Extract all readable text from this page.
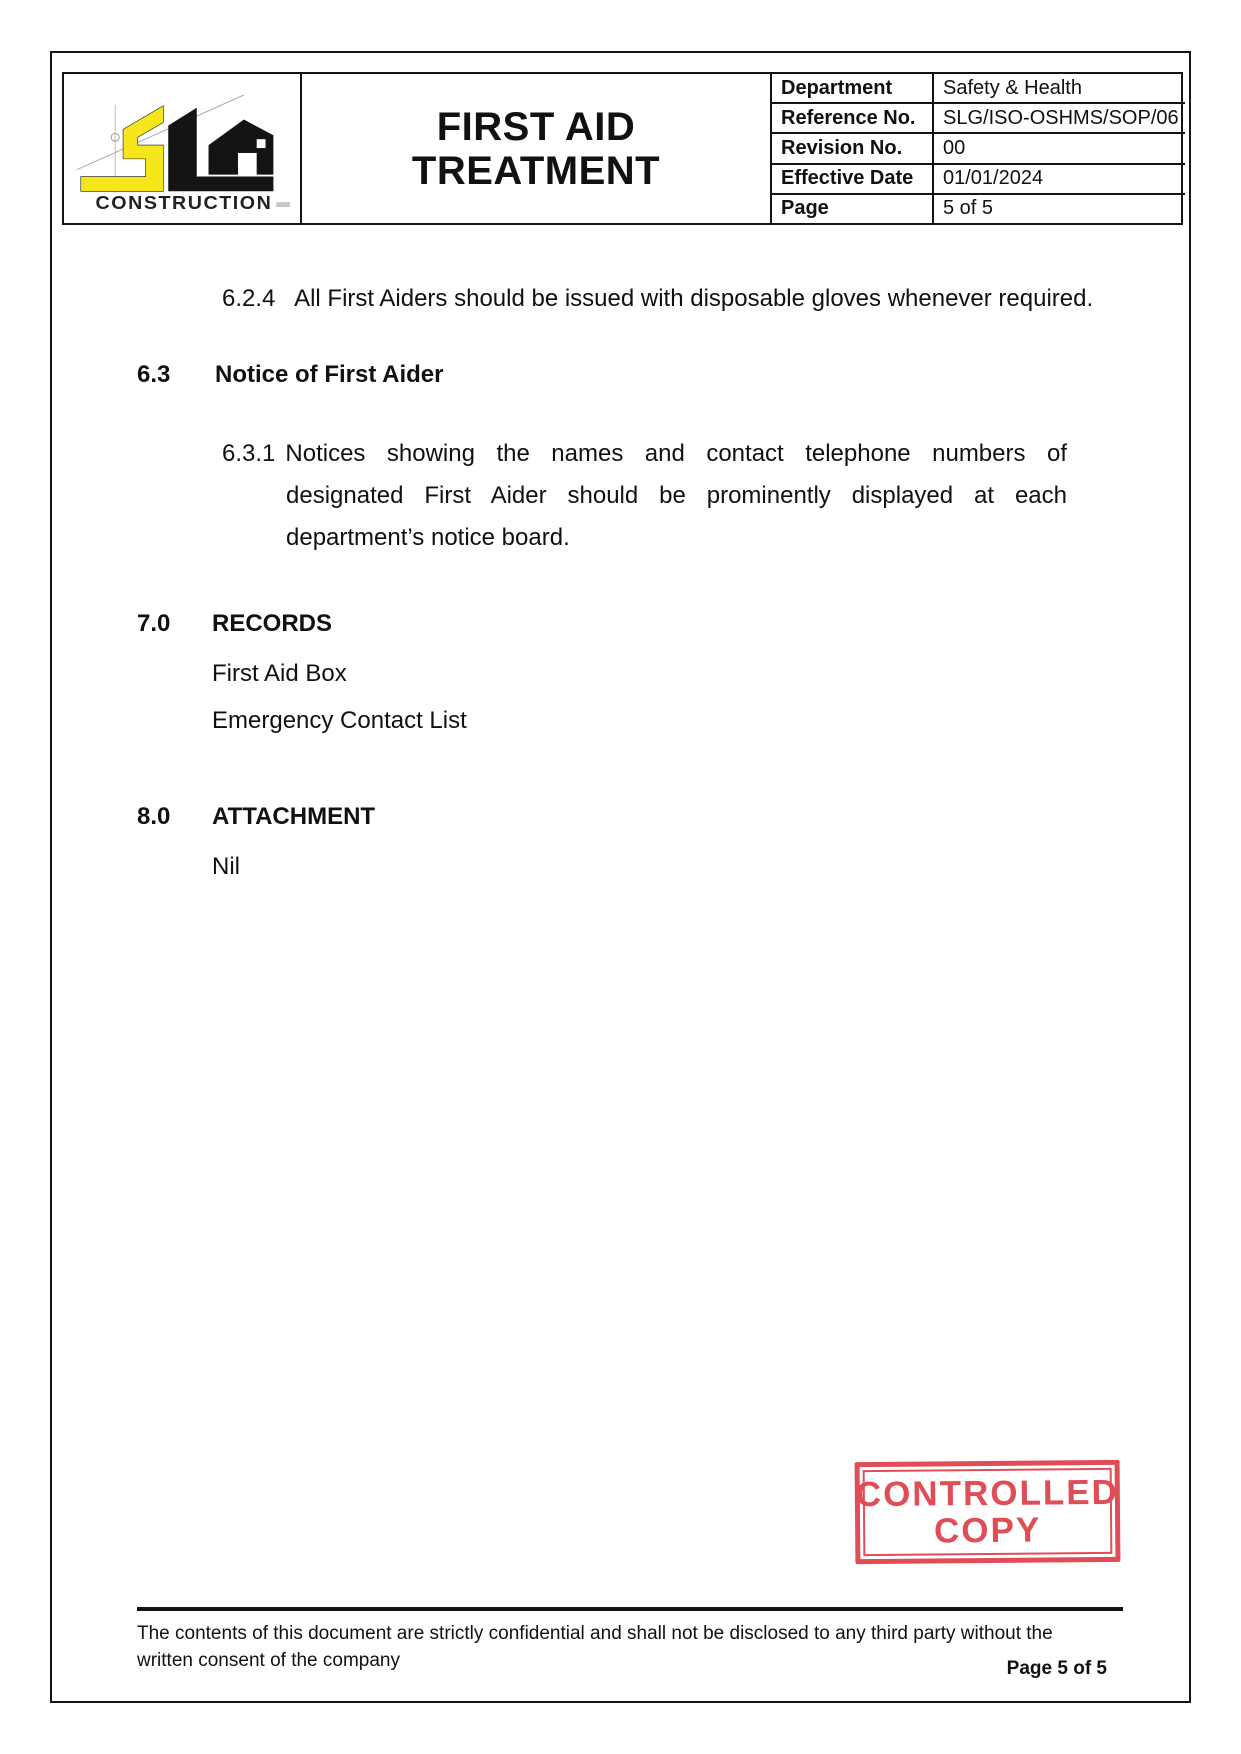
CONSTRUCTION
FIRST AID
TREATMENT
Department	Safety & Health
Reference No.	SLG/ISO-OSHMS/SOP/06
Revision No.	00
Effective Date	01/01/2024
Page	5 of 5
6.2.4 All First Aiders should be issued with disposable gloves whenever required.
6.3 Notice of First Aider
6.3.1 Notices showing the names and contact telephone numbers of designated First Aider should be prominently displayed at each department’s notice board.
7.0 RECORDS
First Aid Box
Emergency Contact List
8.0 ATTACHMENT
Nil
CONTROLLED
COPY
The contents of this document are strictly confidential and shall not be disclosed to any third party without the written consent of the company	Page 5 of 5
